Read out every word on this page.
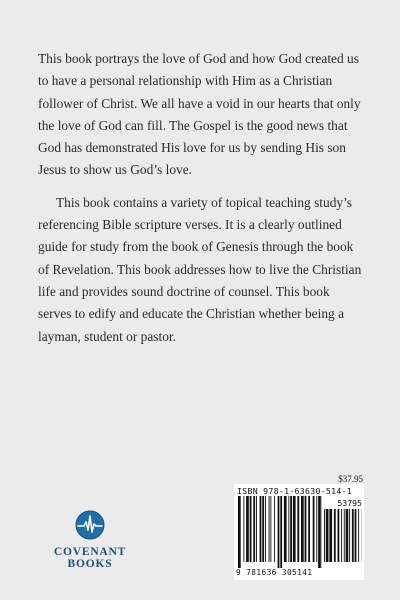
This book portrays the love of God and how God created us to have a personal relationship with Him as a Christian follower of Christ. We all have a void in our hearts that only the love of God can fill. The Gospel is the good news that God has demonstrated His love for us by sending His son Jesus to show us God’s love.

This book contains a variety of topical teaching study’s referencing Bible scripture verses. It is a clearly outlined guide for study from the book of Genesis through the book of Revelation. This book addresses how to live the Christian life and provides sound doctrine of counsel. This book serves to edify and educate the Christian whether being a layman, student or pastor.

$37.95
ISBN 978-1-63630-514-1
53795
9 781636 305141
COVENANT BOOKS
